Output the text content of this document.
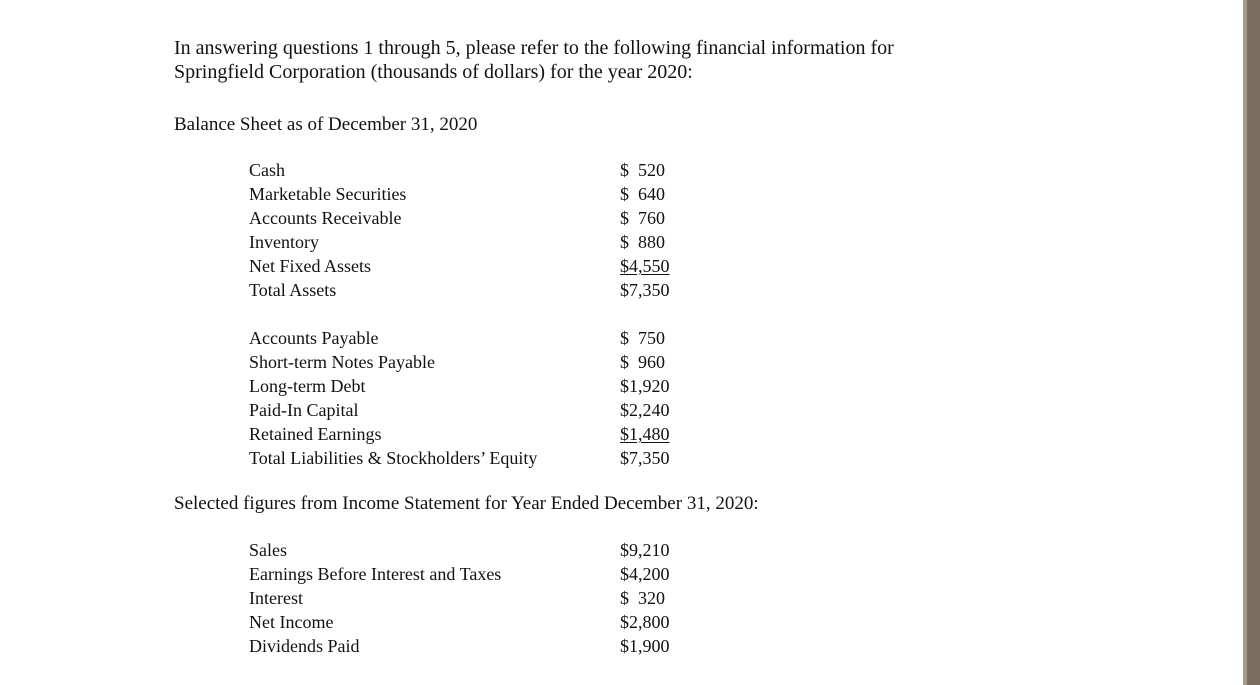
In answering questions 1 through 5, please refer to the following financial information for
Springfield Corporation (thousands of dollars) for the year 2020:

Balance Sheet as of December 31, 2020

Cash	$  520
Marketable Securities	$  640
Accounts Receivable	$  760
Inventory	$  880
Net Fixed Assets	$4,550
Total Assets	$7,350
Accounts Payable	$  750
Short-term Notes Payable	$  960
Long-term Debt	$1,920
Paid-In Capital	$2,240
Retained Earnings	$1,480
Total Liabilities & Stockholders’ Equity	$7,350

Selected figures from Income Statement for Year Ended December 31, 2020:

Sales	$9,210
Earnings Before Interest and Taxes	$4,200
Interest	$  320
Net Income	$2,800
Dividends Paid	$1,900
